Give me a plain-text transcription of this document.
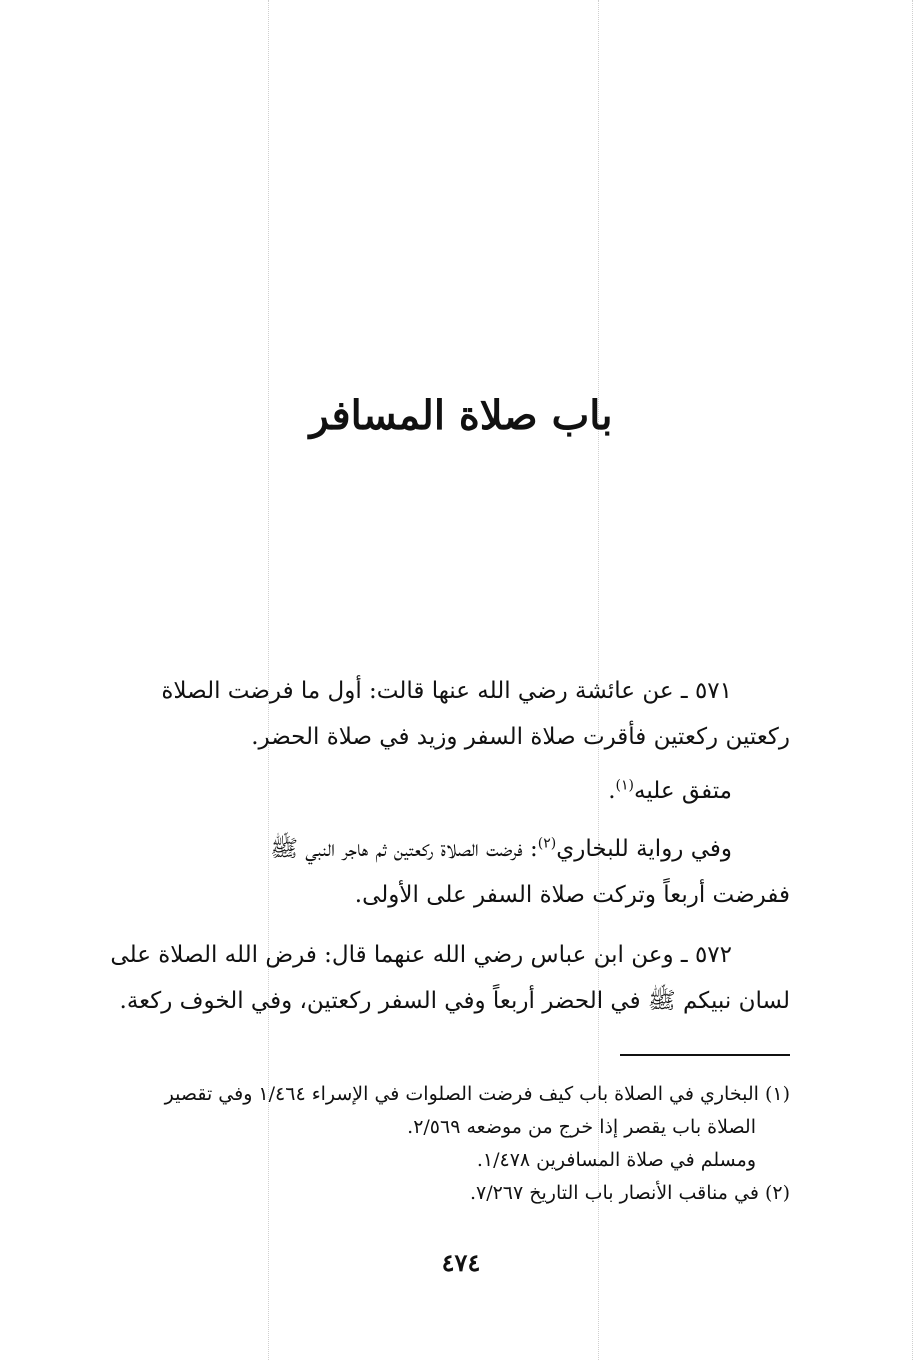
باب صلاة المسافر

٥٧١ ـ عن عائشة رضي الله عنها قالت: أول ما فرضت الصلاة

ركعتين ركعتين فأقرت صلاة السفر وزيد في صلاة الحضر.

متفق عليه$^{(١)}$.

وفي رواية للبخاري$^{(٢)}$: فرضت الصلاة ركعتين ثم هاجر النبي ﷺ

ففرضت أربعاً وتركت صلاة السفر على الأولى.

٥٧٢ ـ وعن ابن عباس رضي الله عنهما قال: فرض الله الصلاة على

لسان نبيكم ﷺ في الحضر أربعاً وفي السفر ركعتين، وفي الخوف ركعة.

(١) البخاري في الصلاة باب كيف فرضت الصلوات في الإسراء ١/٤٦٤ وفي تقصير

الصلاة باب يقصر إذا خرج من موضعه ٢/٥٦٩.

ومسلم في صلاة المسافرين ١/٤٧٨.

(٢) في مناقب الأنصار باب التاريخ ٧/٢٦٧.

٤٧٤
